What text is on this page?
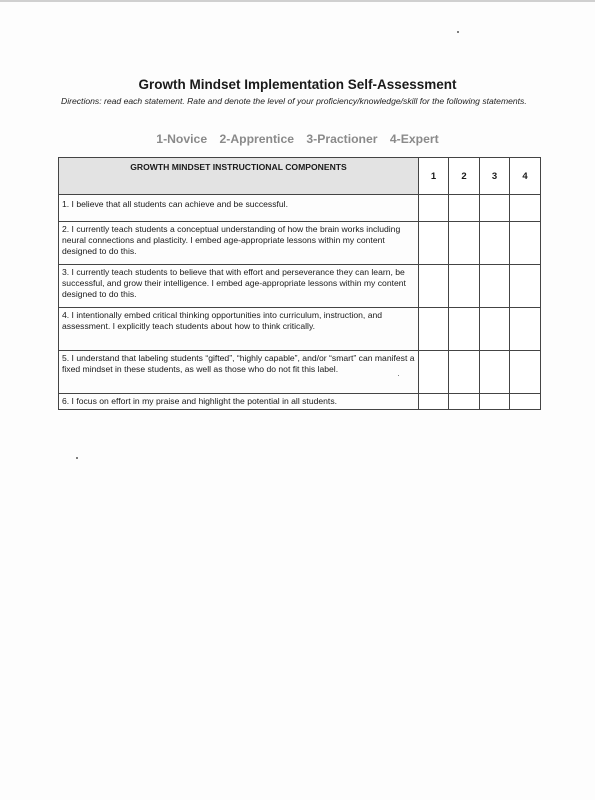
Growth Mindset Implementation Self-Assessment
Directions: read each statement. Rate and denote the level of your proficiency/knowledge/skill for the following statements.
1-Novice 2-Apprentice 3-Practioner 4-Expert
GROWTH MINDSET INSTRUCTIONAL COMPONENTS	1	2	3	4
1. I believe that all students can achieve and be successful.				
2. I currently teach students a conceptual understanding of how the brain works including neural connections and plasticity. I embed age-appropriate lessons within my content designed to do this.				
3. I currently teach students to believe that with effort and perseverance they can learn, be successful, and grow their intelligence. I embed age-appropriate lessons within my content designed to do this.				
4. I intentionally embed critical thinking opportunities into curriculum, instruction, and assessment. I explicitly teach students about how to think critically.				
5. I understand that labeling students “gifted”, “highly capable”, and/or “smart” can manifest a fixed mindset in these students, as well as those who do not fit this label.				
6. I focus on effort in my praise and highlight the potential in all students.				
